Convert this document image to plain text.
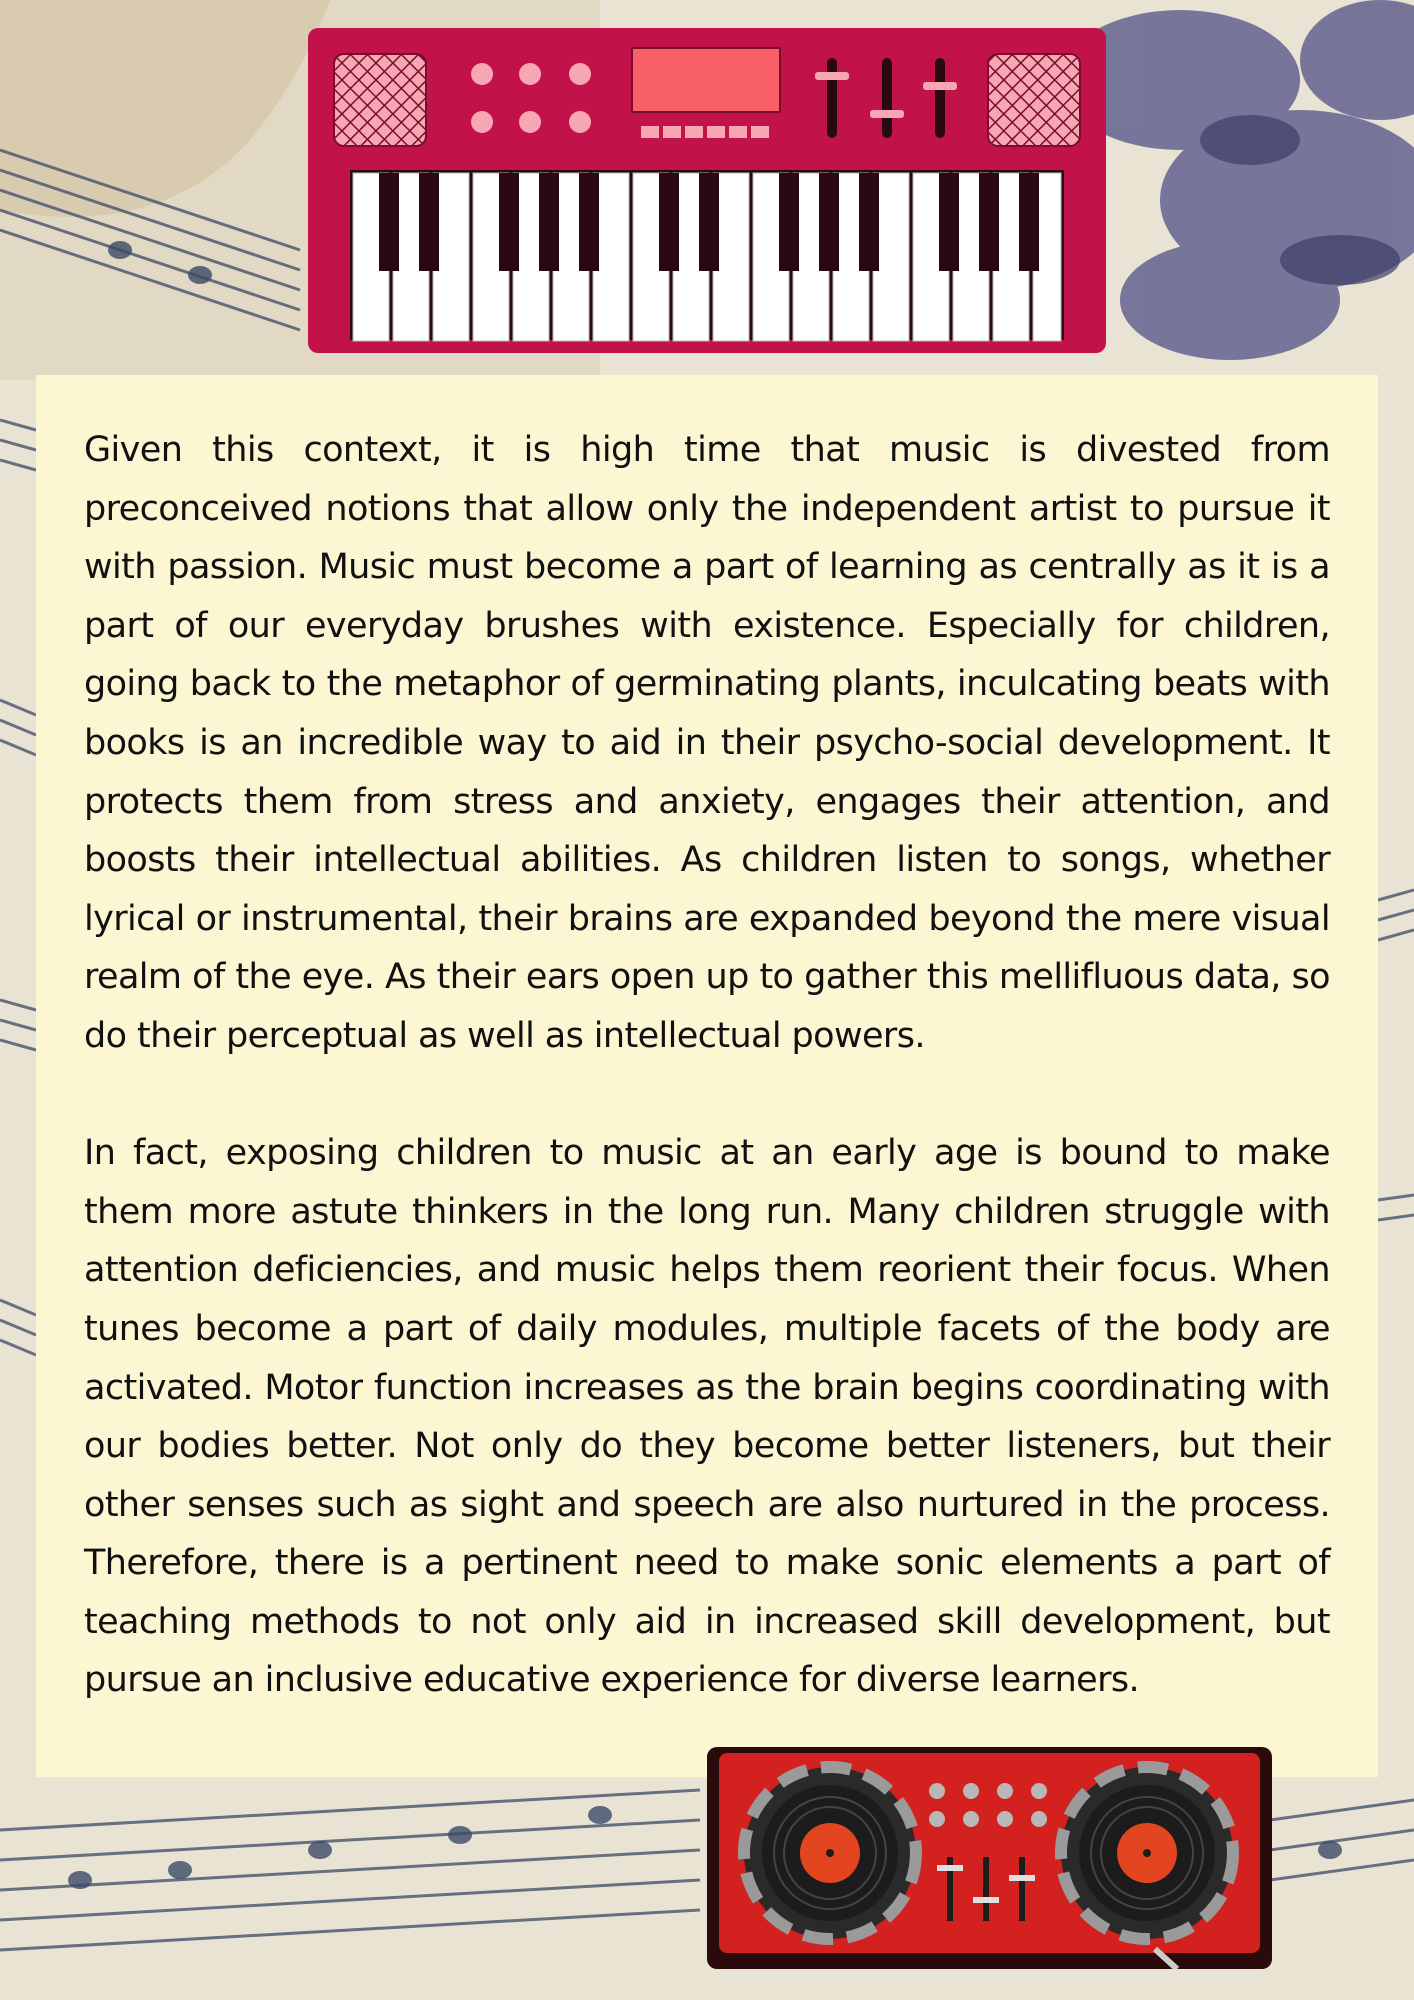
Given this context, it is high time that music is divested from preconceived notions that allow only the independent artist to pursue it with passion. Music must become a part of learning as centrally as it is a part of our everyday brushes with existence. Especially for children, going back to the metaphor of germinating plants, inculcating beats with books is an incredible way to aid in their psycho-social development. It protects them from stress and anxiety, engages their attention, and boosts their intellectual abilities. As children listen to songs, whether lyrical or instrumental, their brains are expanded beyond the mere visual realm of the eye. As their ears open up to gather this mellifluous data, so do their perceptual as well as intellectual powers.

In fact, exposing children to music at an early age is bound to make them more astute thinkers in the long run. Many children struggle with attention deficiencies, and music helps them reorient their focus. When tunes become a part of daily modules, multiple facets of the body are activated. Motor function increases as the brain begins coordinating with our bodies better. Not only do they become better listeners, but their other senses such as sight and speech are also nurtured in the process. Therefore, there is a pertinent need to make sonic elements a part of teaching methods to not only aid in increased skill development, but pursue an inclusive educative experience for diverse learners.
